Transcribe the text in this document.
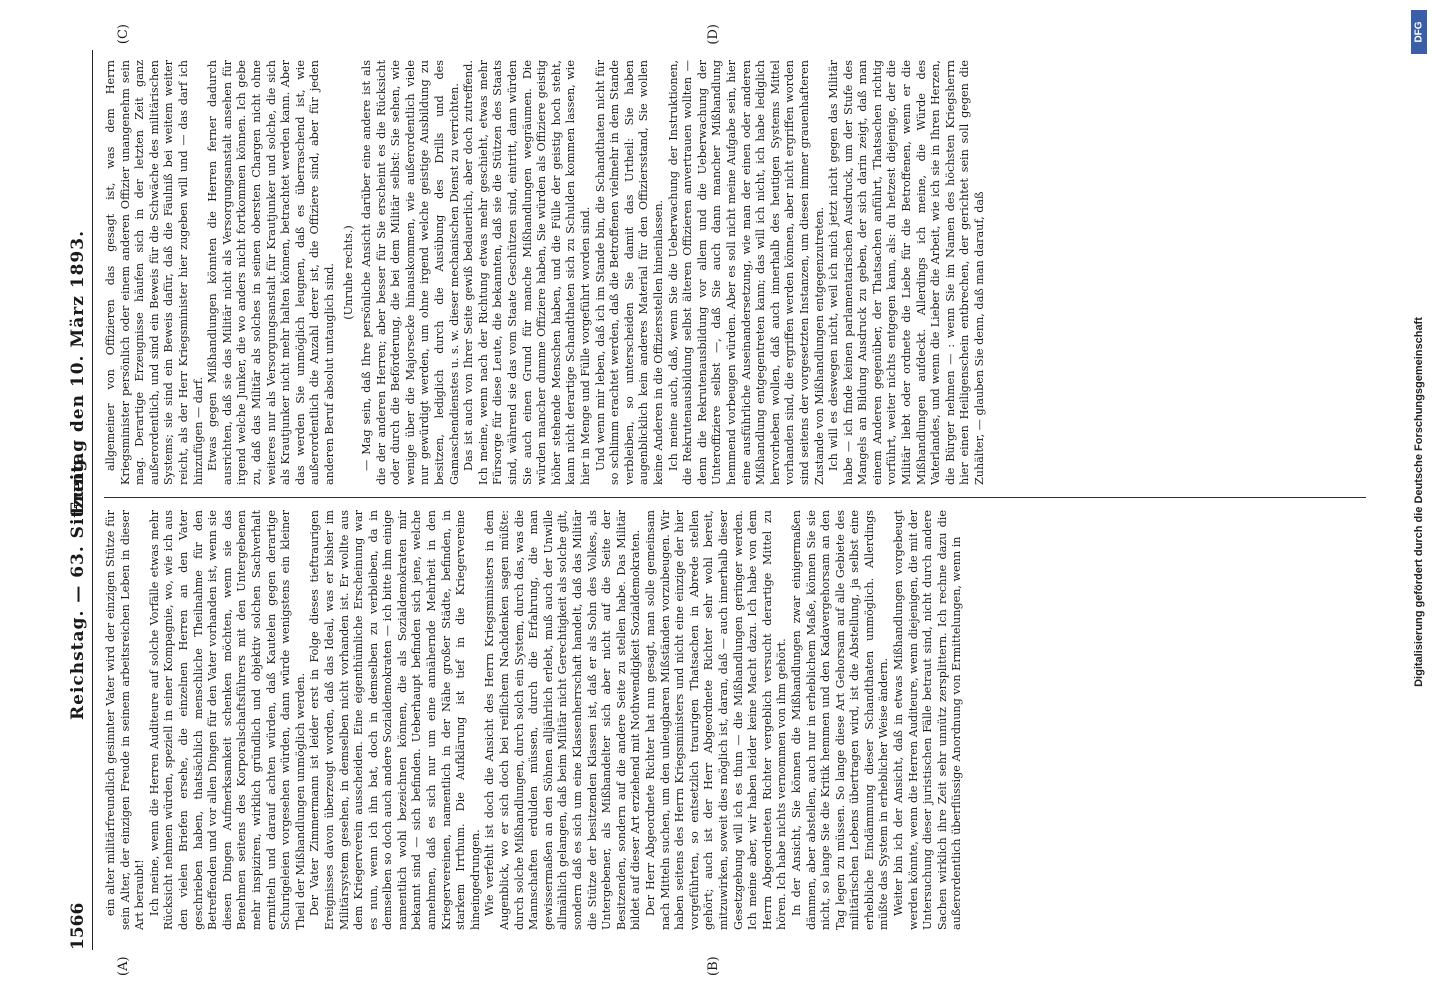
1566
Reichstag. — 63. Sitzung.
Freitag den 10. März 1893.
(A)	(B)
(C)	(D)

ein alter militärfreundlich gesinnter Vater wird der einzigen Stütze für sein Alter, der einzigen Freude in seinem arbeitsreichen Leben in dieser Art beraubt! Ich meine, wenn die Herren Auditeure auf solche Vorfälle etwas mehr Rücksicht nehmen würden, speziell in einer Kompagnie, wo, wie ich aus den vielen Briefen ersehe, die einzelnen Herren an den Vater geschrieben haben, thatsächlich menschliche Theilnahme für den Betreffenden und vor allen Dingen für den Vater vorhanden ist, wenn sie diesen Dingen Aufmerksamkeit schenken möchten, wenn sie das Benehmen seitens des Korporalschaftsführers mit den Untergebenen mehr inspiziren, wirklich gründlich und objektiv solchen Sachverhalt ermitteln und darauf achten würden, daß Kautelen gegen derartige Schurigeleien vorgesehen würden, dann würde wenigstens ein kleiner Theil der Mißhandlungen unmöglich werden. Der Vater Zimmermann ist leider erst in Folge dieses tieftraurigen Ereignisses davon überzeugt worden, daß das Ideal, was er bisher im Militärsystem gesehen, in demselben nicht vorhanden ist. Er wollte aus dem Kriegerverein ausscheiden. Eine eigenthümliche Erscheinung war es nun, wenn ich ihn bat, doch in demselben zu verbleiben, da in demselben so doch auch andere Sozialdemokraten — ich bitte ihm einige namentlich wohl bezeichnen können, die als Sozialdemokraten mir bekannt sind — sich befinden. Ueberhaupt befinden sich jene, welche annehmen, daß es sich nur um eine annähernde Mehrheit in den Kriegervereinen, namentlich in der Nähe großer Städte, befinden, in starkem Irrthum. Die Aufklärung ist tief in die Kriegervereine hineingedrungen. Wie verfehlt ist doch die Ansicht des Herrn Kriegsministers in dem Augenblick, wo er sich doch bei reiflichem Nachdenken sagen müßte: durch solche Mißhandlungen, durch solch ein System, durch das, was die Mannschaften erdulden müssen, durch die Erfahrung, die man gewissermaßen an den Söhnen alljährlich erlebt, muß auch der Unwille allmählich gelangen, daß beim Militär nicht Gerechtigkeit als solche gilt, sondern daß es sich um eine Klassenherrschaft handelt, daß das Militär die Stütze der besitzenden Klassen ist, daß er als Sohn des Volkes, als Untergebener, als Mißhandelter sich aber nicht auf die Seite der Besitzenden, sondern auf die andere Seite zu stellen habe. Das Militär bildet auf dieser Art erziehend mit Nothwendigkeit Sozialdemokraten. Der Herr Abgeordnete Richter hat nun gesagt, man solle gemeinsam nach Mitteln suchen, um den unleugbaren Mißständen vorzubeugen. Wir haben seitens des Herrn Kriegsministers und nicht eine einzige der hier vorgeführten, so entsetzlich traurigen Thatsachen in Abrede stellen gehört; auch ist der Herr Abgeordnete Richter sehr wohl bereit, mitzuwirken, soweit dies möglich ist, daran, daß — auch innerhalb dieser Gesetzgebung will ich es thun — die Mißhandlungen geringer werden. Ich meine aber, wir haben leider keine Macht dazu. Ich habe von dem Herrn Abgeordneten Richter vergeblich versucht derartige Mittel zu hören. Ich habe nichts vernommen von ihm gehört. In der Ansicht, Sie können die Mißhandlungen zwar einigermaßen dämmen, aber abstellen, auch nur in erheblichem Maße, können Sie sie nicht, so lange Sie die Kritik hemmen und den Kadavergehorsam an den Tag legen zu müssen. So lange diese Art Gehorsam auf alle Gebiete des militärischen Lebens übertragen wird, ist die Abstellung, ja selbst eine erhebliche Eindämmung dieser Schandthaten unmöglich. Allerdings müßte das System in erheblicher Weise ändern. Weiter bin ich der Ansicht, daß in etwas Mißhandlungen vorgebeugt werden könnte, wenn die Herren Auditeure, wenn diejenigen, die mit der Untersuchung dieser juristischen Fälle betraut sind, nicht durch andere Sachen wirklich ihre Zeit sehr unnütz zersplittern. Ich rechne dazu die außerordentlich überflüssige Anordnung von Ermittelungen, wenn in

allgemeiner von Offizieren das gesagt ist, was dem Herrn Kriegsminister persönlich oder einem anderen Offizier unangenehm sein mag. Derartige Erzeugnisse häufen sich in der letzten Zeit ganz außerordentlich, und sind ein Beweis für die Schwäche des militärischen Systems; sie sind ein Beweis dafür, daß die Fäulniß bei weitem weiter reicht, als der Herr Kriegsminister hier zugeben will und — das darf ich hinzufügen — darf. Etwas gegen Mißhandlungen könnten die Herren ferner dadurch ausrichten, daß sie das Militär nicht als Versorgungsanstalt ansehen für irgend welche Junker, die wo anders nicht fortkommen können. Ich gebe zu, daß das Militär als solches in seinen obersten Chargen nicht ohne weiteres nur als Versorgungsanstalt für Krautjunker und solche, die sich als Krautjunker nicht mehr halten können, betrachtet werden kann. Aber das werden Sie unmöglich leugnen, daß es überraschend ist, wie außerordentlich die Anzahl derer ist, die Offiziere sind, aber für jeden anderen Beruf absolut untauglich sind. (Unruhe rechts.) — Mag sein, daß Ihre persönliche Ansicht darüber eine andere ist als die der anderen Herren; aber besser für Sie erscheint es die Rücksicht oder durch die Beförderung, die bei dem Militär selbst: Sie sehen, wie wenige über die Majorsecke hinauskommen, wie außerordentlich viele nur gewürdigt werden, um ohne irgend welche geistige Ausbildung zu besitzen, lediglich durch die Ausübung des Drills und des Gamaschendienstes u. s. w. dieser mechanischen Dienst zu verrichten. Das ist auch von Ihrer Seite gewiß bedauerlich, aber doch zutreffend. Ich meine, wenn nach der Richtung etwas mehr geschieht, etwas mehr Fürsorge für diese Leute, die bekannten, daß sie die Stützen des Staats sind, während sie das vom Staate Geschützen sind, eintritt, dann würden Sie auch einen Grund für manche Mißhandlungen wegräumen. Die würden mancher dumme Offiziere haben, Sie würden als Offiziere geistig höher stehende Menschen haben, und die Fülle der geistig hoch steht, kann nicht derartige Schandthaten sich zu Schulden kommen lassen, wie hier in Menge und Fülle vorgeführt worden sind. Und wenn mir leben, daß ich im Stande bin, die Schandthaten nicht für so schlimm erachtet werden, daß die Betroffenen vielmehr in dem Stande verbleiben, so unterscheiden Sie damit das Urtheil: Sie haben augenblicklich kein anderes Material für den Offiziersstand, Sie wollen keine Anderen in die Offiziersstellen hineinlassen. Ich meine auch, daß, wenn Sie die Ueberwachung der Instruktionen, die Rekrutenausbildung selbst älteren Offizieren anvertrauen wollten — denn die Rekrutenausbildung vor allem und die Ueberwachung der Unteroffiziere selbst —, daß Sie auch dann mancher Mißhandlung hemmend vorbeugen würden. Aber es soll nicht meine Aufgabe sein, hier eine ausführliche Auseinandersetzung, wie man der einen oder anderen Mißhandlung entgegentreten kann; das will ich nicht, ich habe lediglich hervorheben wollen, daß auch innerhalb des heutigen Systems Mittel vorhanden sind, die ergriffen werden können, aber nicht ergriffen worden sind seitens der vorgesetzten Instanzen, um diesen immer grauenhafteren Zustande von Mißhandlungen entgegenzutreten. Ich will es deswegen nicht, weil ich mich jetzt nicht gegen das Militär habe — ich finde keinen parlamentarischen Ausdruck, um der Stufe des Mangels an Bildung Ausdruck zu geben, der sich darin zeigt, daß man einem Anderen gegenüber, der Thatsachen anführt, Thatsachen richtig vorführt, weiter nichts entgegen kann, als: du hetzest diejenige, der die Militär liebt oder ordnete die Liebe für die Betroffenen, wenn er die Mißhandlungen aufdeckt. Allerdings ich meine, die Würde des Vaterlandes, und wenn die Lieber die Arbeit, wie ich sie in Ihren Herzen, die Bürger nehmen — : wenn Sie im Namen des höchsten Kriegsherrn hier einen Heiligenschein entbrechen, der gerichtet sein soll gegen die Zuhälter, — glauben Sie denn, daß man darauf, daß

DFG
Digitalisierung gefördert durch die Deutsche Forschungsgemeinschaft
